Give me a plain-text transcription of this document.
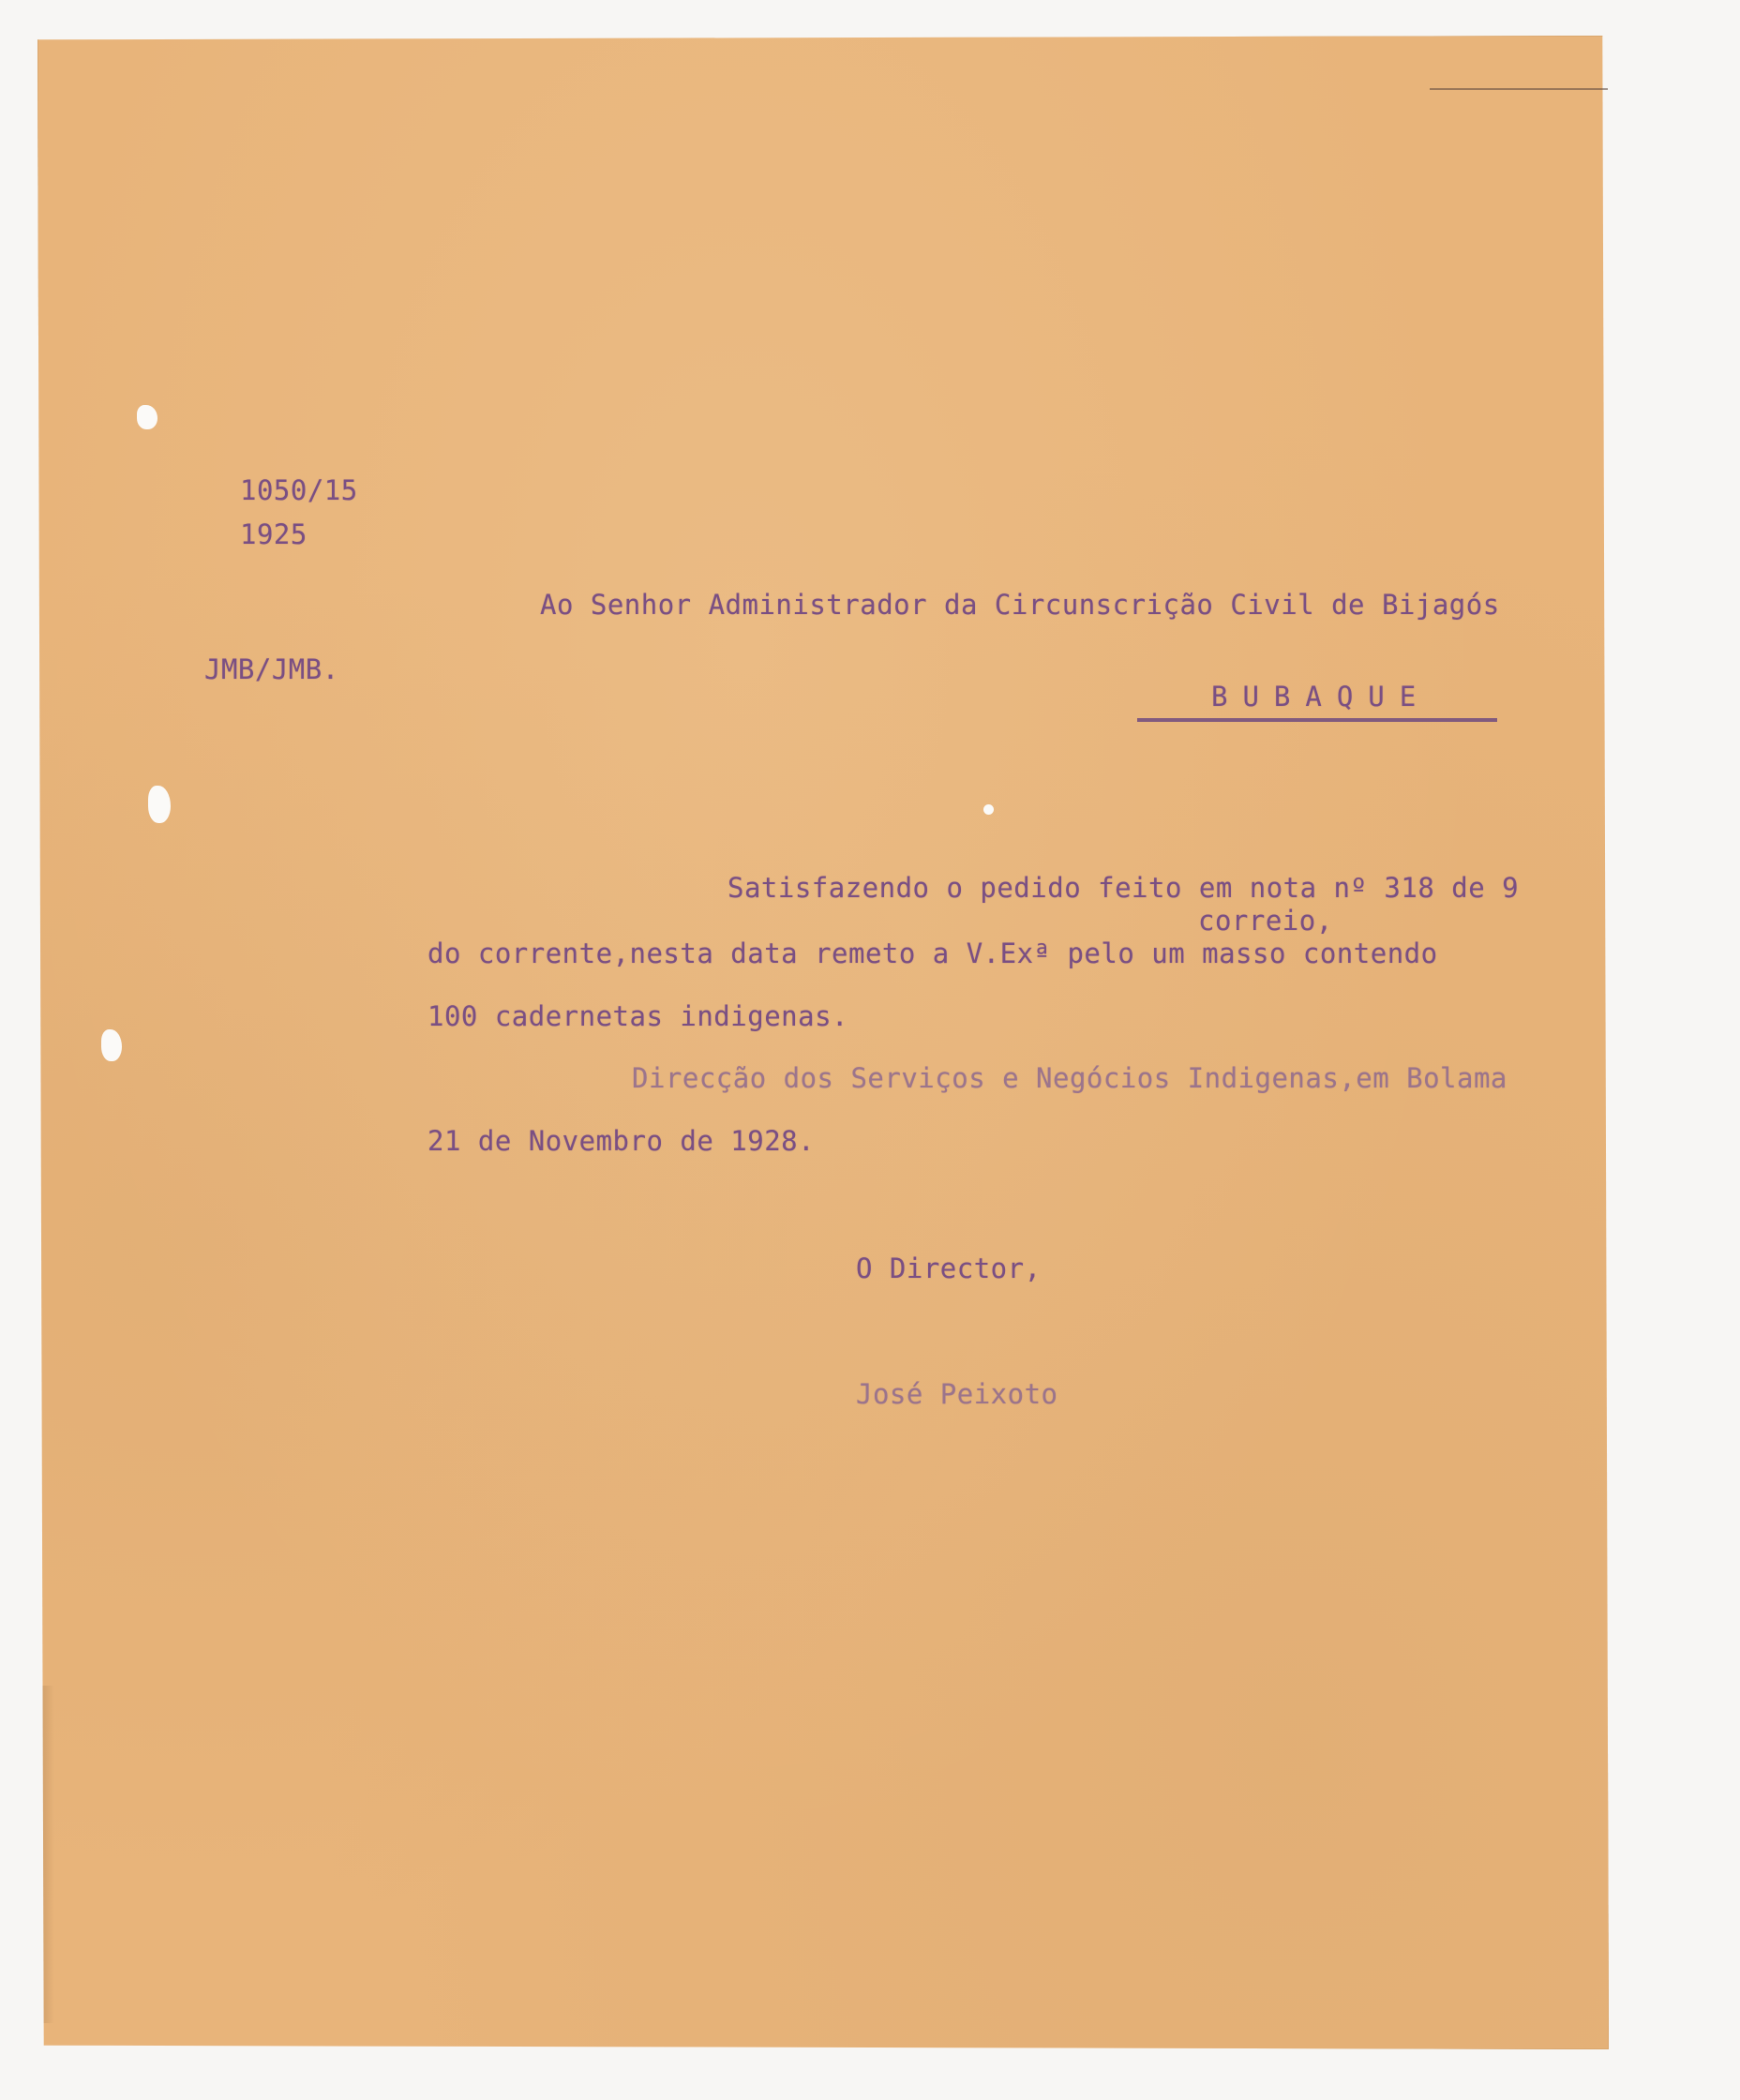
1050/15
1925
JMB/JMB.
Ao Senhor Administrador da Circunscrição Civil de Bijagós
BUBAQUE
Satisfazendo o pedido feito em nota nº 318 de 9
correio,
do corrente,nesta data remeto a V.Exª pelo um masso contendo
100 cadernetas indigenas.
Direcção dos Serviços e Negócios Indigenas,em Bolama
21 de Novembro de 1928.
O Director,
José Peixoto
